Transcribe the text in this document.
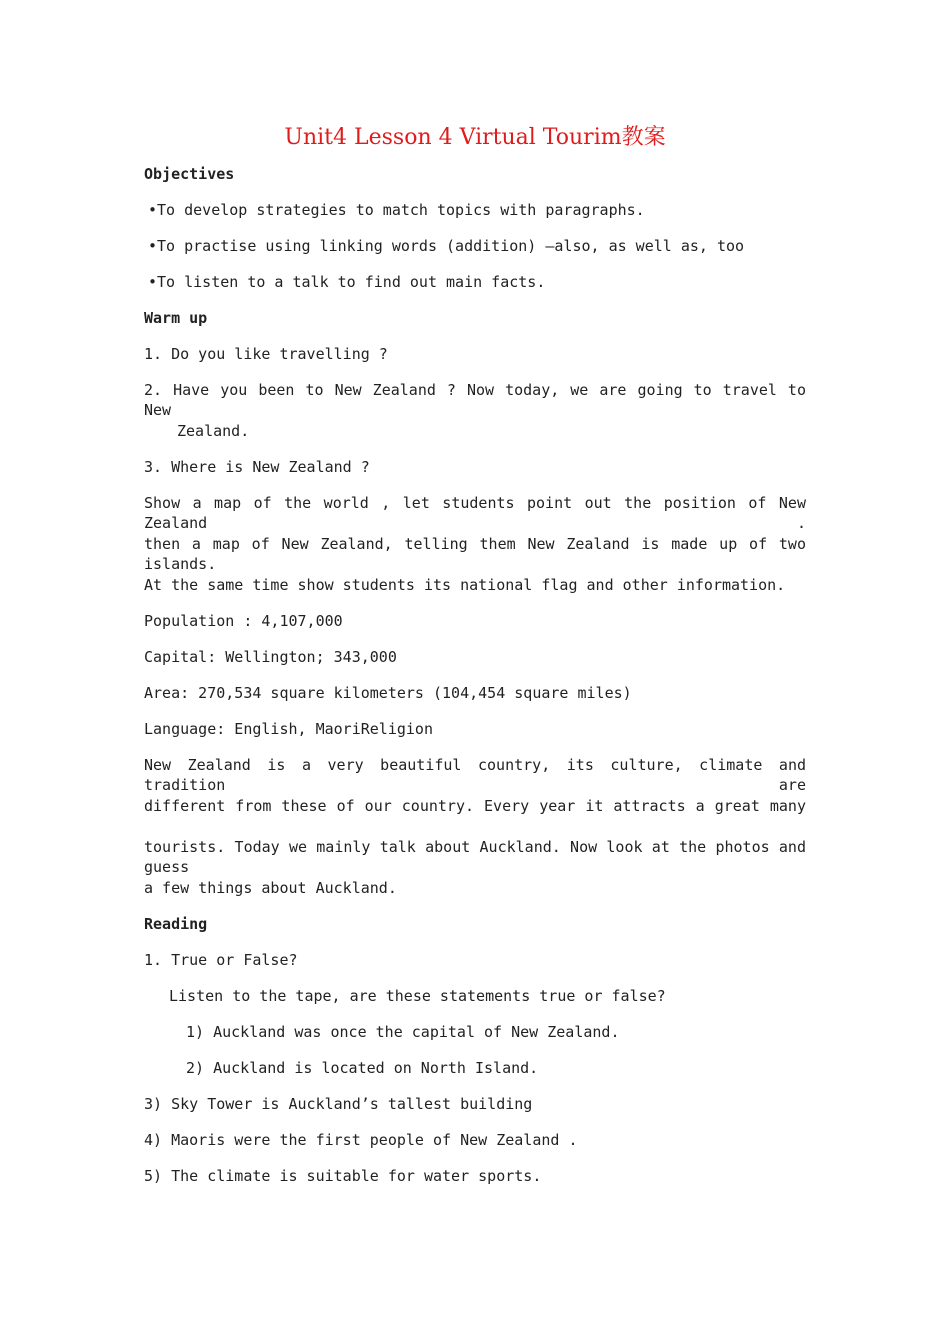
Unit4 Lesson 4 Virtual Tourim教案
Objectives
•To develop strategies to match topics with paragraphs.
•To practise using linking words (addition) –also, as well as, too
•To listen to a talk to find out main facts.
Warm up
1. Do you like travelling ?
2. Have you been to New Zealand ? Now today, we are going to travel to New
Zealand.
3. Where is New Zealand ?
Show a map of the world , let students point out the position of New Zealand .
then a map of New Zealand, telling them New Zealand is made up of two islands.
At the same time show students its national flag and other information.
Population : 4,107,000
Capital: Wellington; 343,000
Area: 270,534 square kilometers (104,454 square miles)
Language: English, MaoriReligion
New Zealand is a very beautiful country, its culture, climate and tradition are
different from these of our country. Every year it attracts a great many
tourists. Today we mainly talk about Auckland. Now look at the photos and guess
a few things about Auckland.
Reading
1. True or False?
Listen to the tape, are these statements true or false?
1) Auckland was once the capital of New Zealand.
2) Auckland is located on North Island.
3) Sky Tower is Auckland’s tallest building
4) Maoris were the first people of New Zealand .
5) The climate is suitable for water sports.
